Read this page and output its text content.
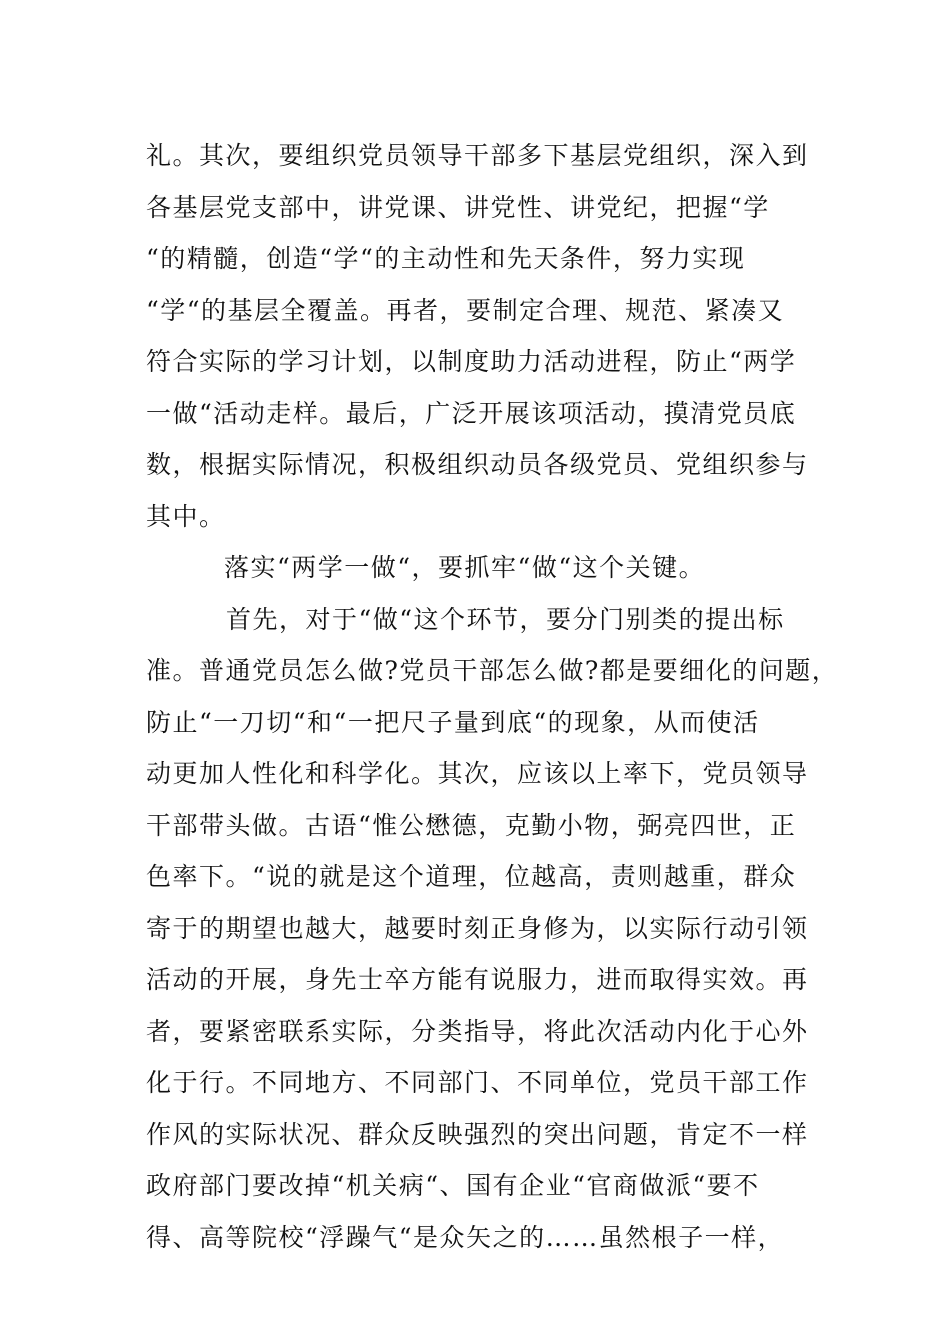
礼。其次，要组织党员领导干部多下基层党组织，深入到
各基层党支部中，讲党课、讲党性、讲党纪，把握“学
“的精髓，创造“学“的主动性和先天条件，努力实现
“学“的基层全覆盖。再者，要制定合理、规范、紧凑又
符合实际的学习计划，以制度助力活动进程，防止“两学
一做“活动走样。最后，广泛开展该项活动，摸清党员底
数，根据实际情况，积极组织动员各级党员、党组织参与
其中。
落实“两学一做“，要抓牢“做“这个关键。
首先，对于“做“这个环节，要分门别类的提出标
准。普通党员怎么做?党员干部怎么做?都是要细化的问题，
防止“一刀切“和“一把尺子量到底“的现象，从而使活
动更加人性化和科学化。其次，应该以上率下，党员领导
干部带头做。古语“惟公懋德，克勤小物，弼亮四世，正
色率下。“说的就是这个道理，位越高，责则越重，群众
寄于的期望也越大，越要时刻正身修为，以实际行动引领
活动的开展，身先士卒方能有说服力，进而取得实效。再
者，要紧密联系实际，分类指导，将此次活动内化于心外
化于行。不同地方、不同部门、不同单位，党员干部工作
作风的实际状况、群众反映强烈的突出问题，肯定不一样
政府部门要改掉“机关病“、国有企业“官商做派“要不
得、高等院校“浮躁气“是众矢之的……虽然根子一样，
